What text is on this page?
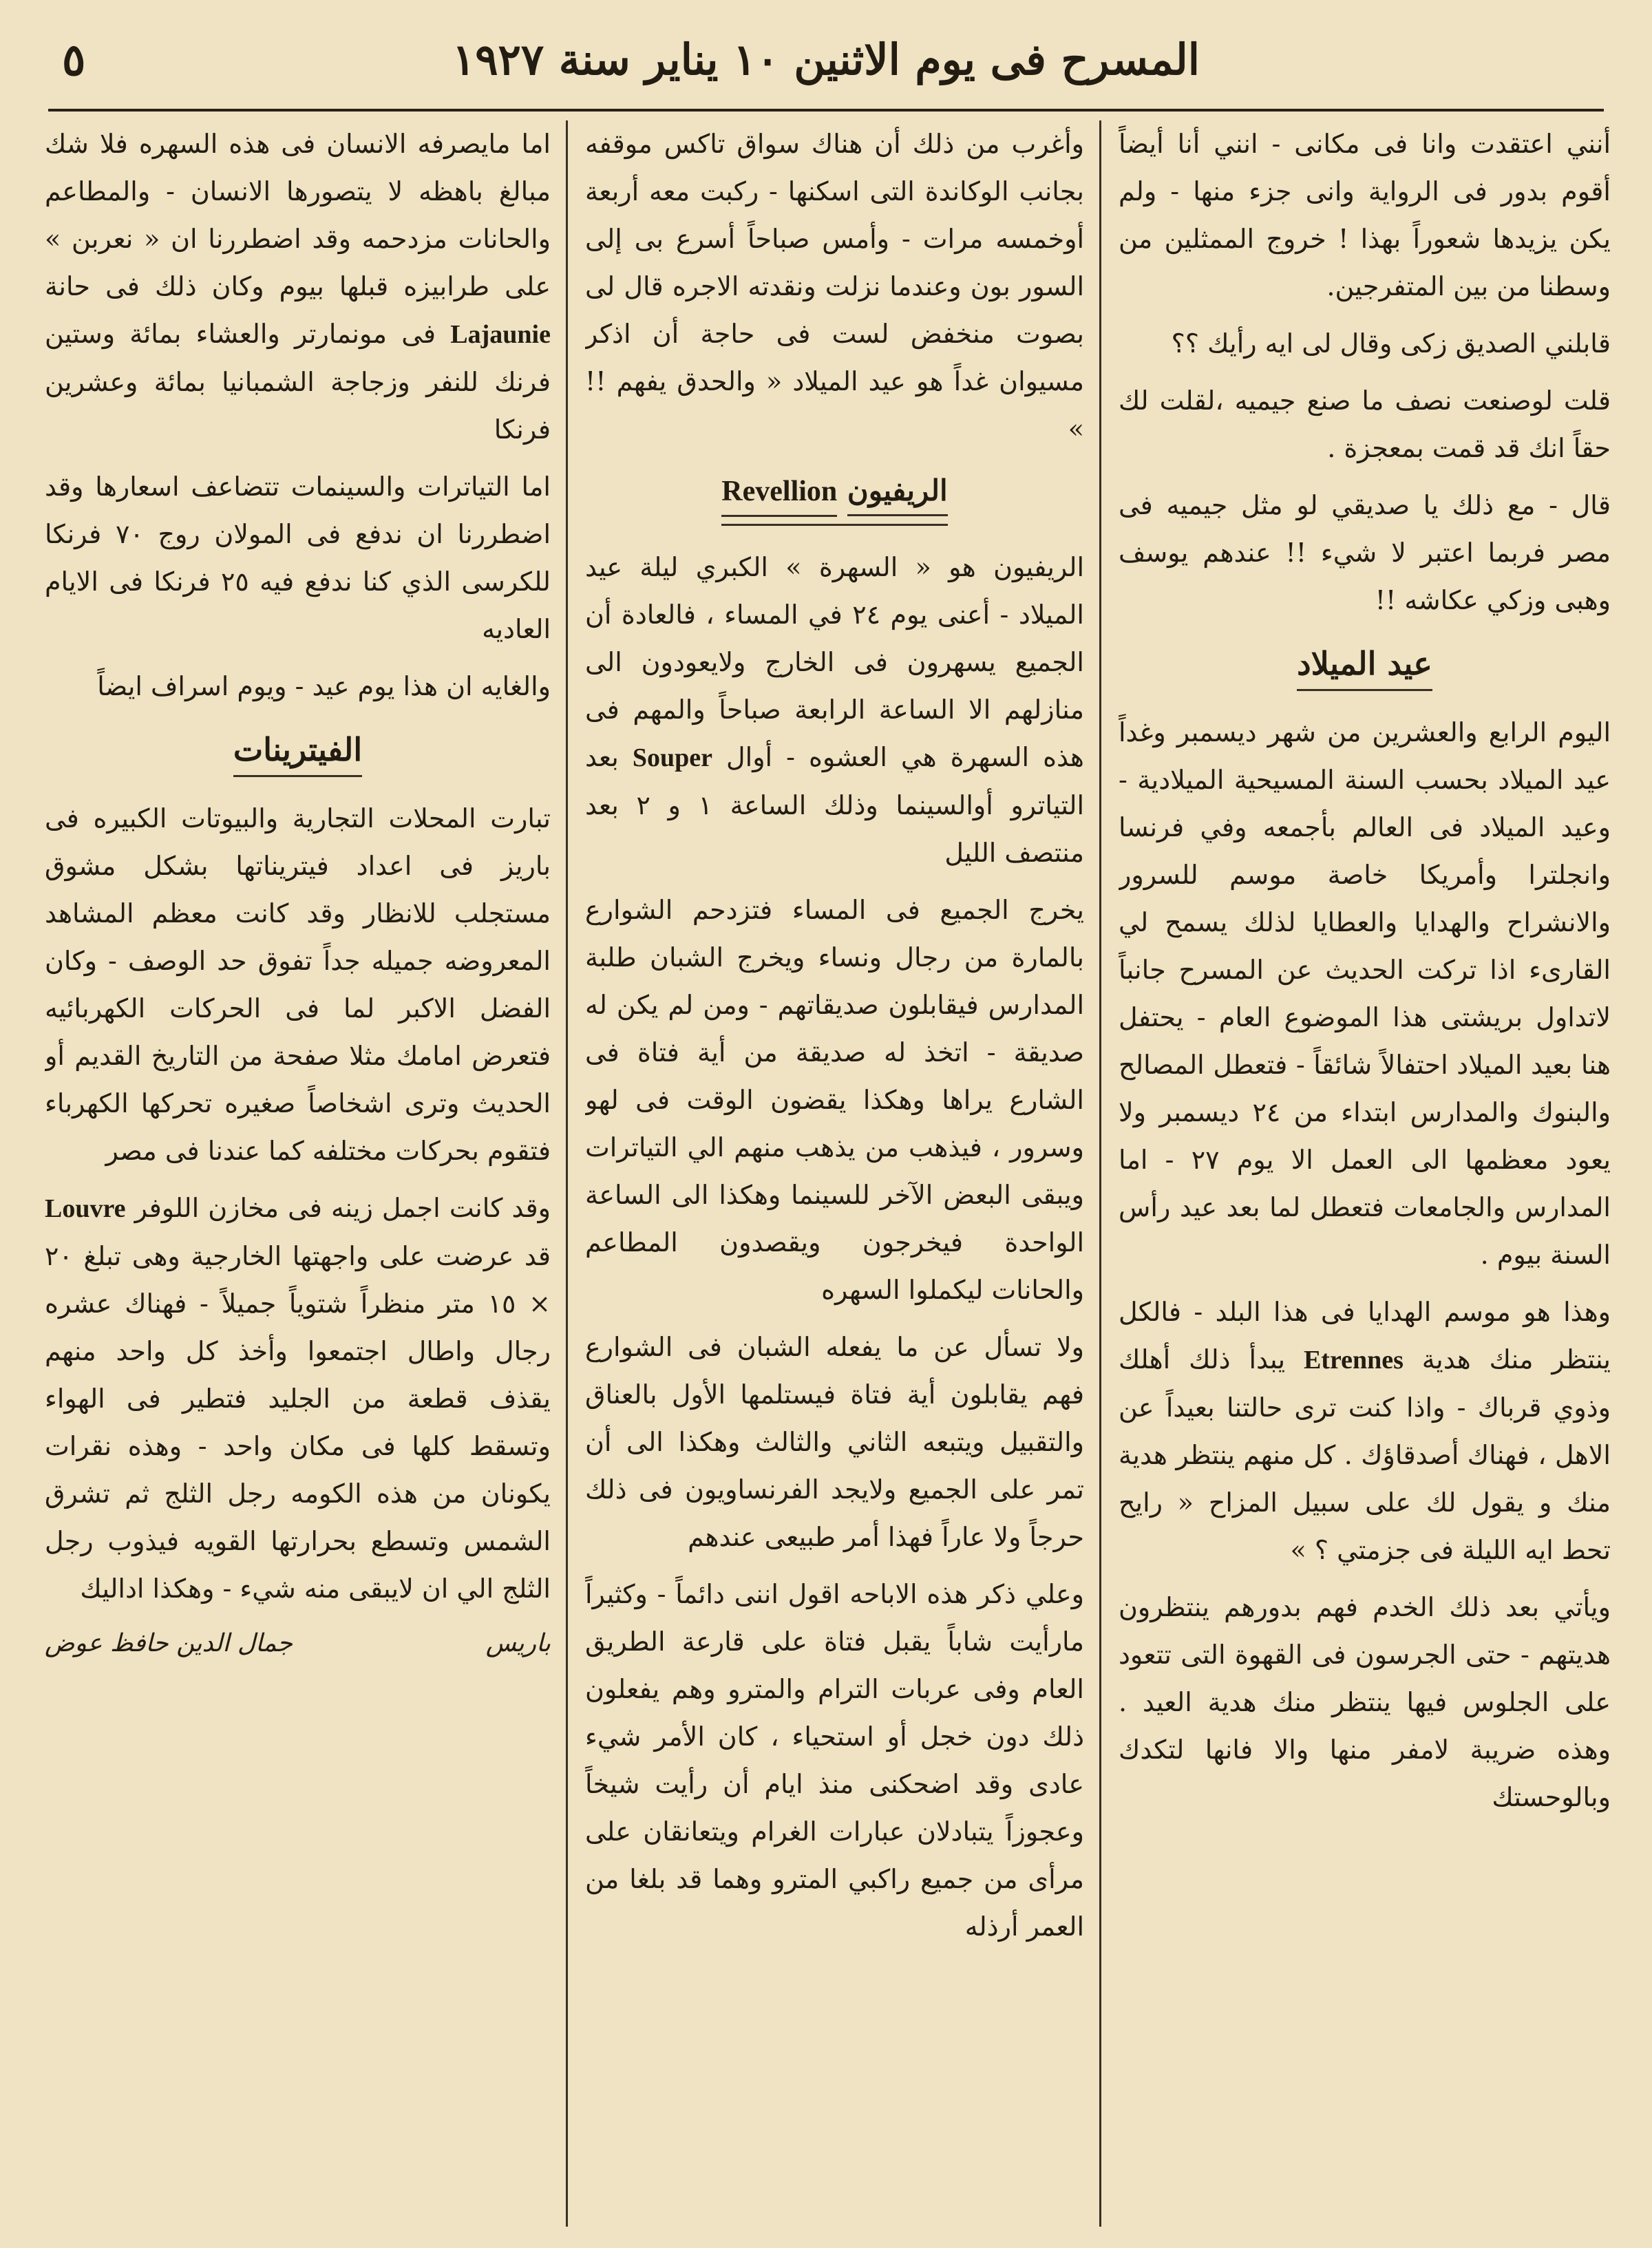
المسرح فى يوم الاثنين ١٠ يناير سنة ١٩٢٧
٥

أنني اعتقدت وانا فى مكانى - انني أنا أيضاً أقوم بدور فى الرواية وانى جزء منها - ولم يكن يزيدها شعوراً بهذا ! خروج الممثلين من وسطنا من بين المتفرجين.

قابلني الصديق زكى وقال لى ايه رأيك ؟؟

قلت لوصنعت نصف ما صنع جيميه ،لقلت لك حقاً انك قد قمت بمعجزة .

قال - مع ذلك يا صديقي لو مثل جيميه فى مصر فربما اعتبر لا شيء !! عندهم يوسف وهبى وزكي عكاشه !!

عيد الميلاد

اليوم الرابع والعشرين من شهر ديسمبر وغداً عيد الميلاد بحسب السنة المسيحية الميلادية - وعيد الميلاد فى العالم بأجمعه وفي فرنسا وانجلترا وأمريكا خاصة موسم للسرور والانشراح والهدايا والعطايا لذلك يسمح لي القارىء اذا تركت الحديث عن المسرح جانباً لاتداول بريشتى هذا الموضوع العام - يحتفل هنا بعيد الميلاد احتفالاً شائقاً - فتعطل المصالح والبنوك والمدارس ابتداء من ٢٤ ديسمبر ولا يعود معظمها الى العمل الا يوم ٢٧ - اما المدارس والجامعات فتعطل لما بعد عيد رأس السنة بيوم .

وهذا هو موسم الهدايا فى هذا البلد - فالكل ينتظر منك هدية Etrennes يبدأ ذلك أهلك وذوي قرباك - واذا كنت ترى حالتنا بعيداً عن الاهل ، فهناك أصدقاؤك . كل منهم ينتظر هدية منك و يقول لك على سبيل المزاح « رايح تحط ايه الليلة فى جزمتي ؟ »

ويأتي بعد ذلك الخدم فهم بدورهم ينتظرون هديتهم - حتى الجرسون فى القهوة التى تتعود على الجلوس فيها ينتظر منك هدية العيد . وهذه ضريبة لامفر منها والا فانها لتكدك وبالوحستك

وأغرب من ذلك أن هناك سواق تاكس موقفه بجانب الوكاندة التى اسكنها - ركبت معه أربعة أوخمسه مرات - وأمس صباحاً أسرع بى إلى السور بون وعندما نزلت ونقدته الاجره قال لى بصوت منخفض لست فى حاجة أن اذكر مسيوان غداً هو عيد الميلاد « والحدق يفهم !! »

الريفيون Revellion

الريفيون هو « السهرة » الكبري ليلة عيد الميلاد - أعنى يوم ٢٤ في المساء ، فالعادة أن الجميع يسهرون فى الخارج ولايعودون الى منازلهم الا الساعة الرابعة صباحاً والمهم فى هذه السهرة هي العشوه - أوال Souper بعد التياترو أوالسينما وذلك الساعة ١ و ٢ بعد منتصف الليل

يخرج الجميع فى المساء فتزدحم الشوارع بالمارة من رجال ونساء ويخرج الشبان طلبة المدارس فيقابلون صديقاتهم - ومن لم يكن له صديقة - اتخذ له صديقة من أية فتاة فى الشارع يراها وهكذا يقضون الوقت فى لهو وسرور ، فيذهب من يذهب منهم الي التياترات ويبقى البعض الآخر للسينما وهكذا الى الساعة الواحدة فيخرجون ويقصدون المطاعم والحانات ليكملوا السهره

ولا تسأل عن ما يفعله الشبان فى الشوارع فهم يقابلون أية فتاة فيستلمها الأول بالعناق والتقبيل ويتبعه الثاني والثالث وهكذا الى أن تمر على الجميع ولايجد الفرنساويون فى ذلك حرجاً ولا عاراً فهذا أمر طبيعى عندهم

وعلي ذكر هذه الاباحه اقول اننى دائماً - وكثيراً مارأيت شاباً يقبل فتاة على قارعة الطريق العام وفى عربات الترام والمترو وهم يفعلون ذلك دون خجل أو استحياء ، كان الأمر شيء عادى وقد اضحكنى منذ ايام أن رأيت شيخاً وعجوزاً يتبادلان عبارات الغرام ويتعانقان على مرأى من جميع راكبي المترو وهما قد بلغا من العمر أرذله

اما مايصرفه الانسان فى هذه السهره فلا شك مبالغ باهظه لا يتصورها الانسان - والمطاعم والحانات مزدحمه وقد اضطررنا ان « نعربن » على طرابيزه قبلها بيوم وكان ذلك فى حانة Lajaunie فى مونمارتر والعشاء بمائة وستين فرنك للنفر وزجاجة الشمبانيا بمائة وعشرين فرنكا

اما التياترات والسينمات تتضاعف اسعارها وقد اضطررنا ان ندفع فى المولان روج ٧٠ فرنكا للكرسى الذي كنا ندفع فيه ٢٥ فرنكا فى الايام العاديه

والغايه ان هذا يوم عيد - ويوم اسراف ايضاً

الفيترينات

تبارت المحلات التجارية والبيوتات الكبيره فى باريز فى اعداد فيتريناتها بشكل مشوق مستجلب للانظار وقد كانت معظم المشاهد المعروضه جميله جداً تفوق حد الوصف - وكان الفضل الاكبر لما فى الحركات الكهربائيه فتعرض امامك مثلا صفحة من التاريخ القديم أو الحديث وترى اشخاصاً صغيره تحركها الكهرباء فتقوم بحركات مختلفه كما عندنا فى مصر

وقد كانت اجمل زينه فى مخازن اللوفر Louvre قد عرضت على واجهتها الخارجية وهى تبلغ ٢٠ × ١٥ متر منظراً شتوياً جميلاً - فهناك عشره رجال واطال اجتمعوا وأخذ كل واحد منهم يقذف قطعة من الجليد فتطير فى الهواء وتسقط كلها فى مكان واحد - وهذه نقرات يكونان من هذه الكومه رجل الثلج ثم تشرق الشمس وتسطع بحرارتها القويه فيذوب رجل الثلج الي ان لايبقى منه شيء - وهكذا اداليك

باريس
جمال الدين حافظ عوض
